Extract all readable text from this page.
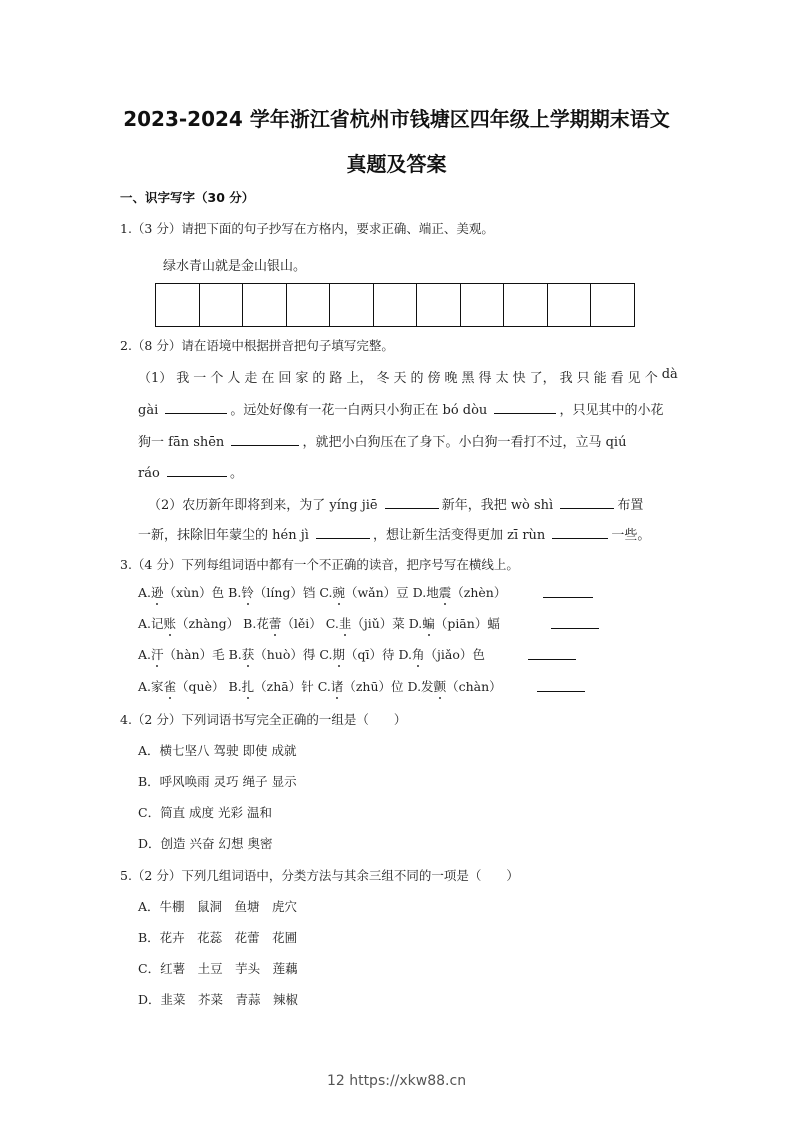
2023-2024 学年浙江省杭州市钱塘区四年级上学期期末语文
真题及答案
一、识字写字（30 分）
1.（3 分）请把下面的句子抄写在方格内，要求正确、端正、美观。
绿水青山就是金山银山。
2.（8 分）请在语境中根据拼音把句子填写完整。
（1） 我 一 个 人 走 在 回 家 的 路 上， 冬 天 的 傍 晚 黑 得 太 快 了， 我 只 能 看 见 个 dà
gài	。远处好像有一花一白两只小狗正在 bó dòu	，只见其中的小花
狗一 fān shēn	，就把小白狗压在了身下。小白狗一看打不过，立马 qiú
ráo	。
（2）农历新年即将到来，为了 yíng jiē	新年，我把 wò shì	布置
一新，抹除旧年蒙尘的 hén jì	，想让新生活变得更加 zī rùn	一些。
3.（4 分）下列每组词语中都有一个不正确的读音，把序号写在横线上。
A.逊（xùn）色 B.铃（líng）铛 C.豌（wǎn）豆 D.地震（zhèn）
A.记账（zhàng） B.花蕾（lěi） C.韭（jiǔ）菜 D.蝙（piān）蝠
A.汗（hàn）毛 B.获（huò）得 C.期（qī）待 D.角（jiǎo）色
A.家雀（què） B.扎（zhā）针 C.诸（zhū）位 D.发颤（chàn）
4.（2 分）下列词语书写完全正确的一组是（　　）
A．横七坚八 驾驶 即使 成就
B．呼风唤雨 灵巧 绳子 显示
C．简直 成度 光彩 温和
D．创造 兴奋 幻想 奥密
5.（2 分）下列几组词语中，分类方法与其余三组不同的一项是（　　）
A．牛棚　鼠洞　鱼塘　虎穴
B．花卉　花蕊　花蕾　花圃
C．红薯　土豆　芋头　莲藕
D．韭菜　芥菜　青蒜　辣椒
12 https://xkw88.cn
